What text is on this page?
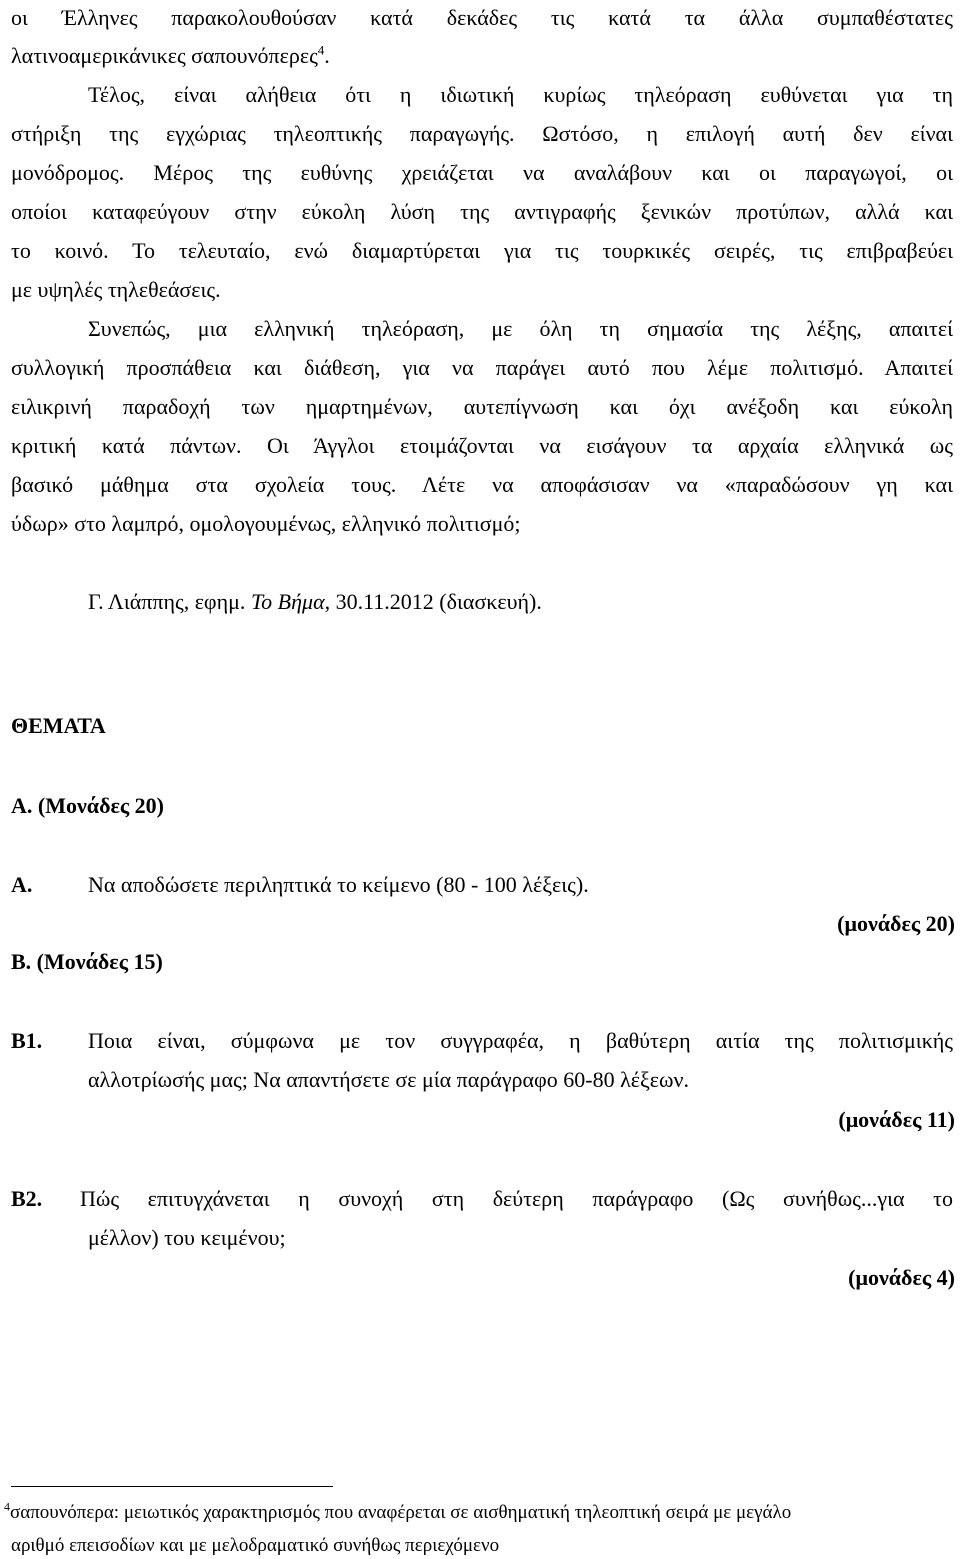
οι Έλληνες παρακολουθούσαν κατά δεκάδες τις κατά τα άλλα συμπαθέστατες
λατινοαμερικάνικες σαπουνόπερες$^4$.
Τέλος, είναι αλήθεια ότι η ιδιωτική κυρίως τηλεόραση ευθύνεται για τη
στήριξη της εγχώριας τηλεοπτικής παραγωγής. Ωστόσο, η επιλογή αυτή δεν είναι
μονόδρομος. Μέρος της ευθύνης χρειάζεται να αναλάβουν και οι παραγωγοί, οι
οποίοι καταφεύγουν στην εύκολη λύση της αντιγραφής ξενικών προτύπων, αλλά και
το κοινό. Το τελευταίο, ενώ διαμαρτύρεται για τις τουρκικές σειρές, τις επιβραβεύει
με υψηλές τηλεθεάσεις.
Συνεπώς, μια ελληνική τηλεόραση, με όλη τη σημασία της λέξης, απαιτεί
συλλογική προσπάθεια και διάθεση, για να παράγει αυτό που λέμε πολιτισμό. Απαιτεί
ειλικρινή παραδοχή των ημαρτημένων, αυτεπίγνωση και όχι ανέξοδη και εύκολη
κριτική κατά πάντων. Οι Άγγλοι ετοιμάζονται να εισάγουν τα αρχαία ελληνικά ως
βασικό μάθημα στα σχολεία τους. Λέτε να αποφάσισαν να «παραδώσουν γη και
ύδωρ» στο λαμπρό, ομολογουμένως, ελληνικό πολιτισμό;
Γ. Λιάππης, εφημ. Το Βήμα, 30.11.2012 (διασκευή).
ΘΕΜΑΤΑ
Α. (Μονάδες 20)
Α.	Να αποδώσετε περιληπτικά το κείμενο (80 - 100 λέξεις).
(μονάδες 20)
Β. (Μονάδες 15)
Β1. Ποια είναι, σύμφωνα με τον συγγραφέα, η βαθύτερη αιτία της πολιτισμικής
αλλοτρίωσής μας; Να απαντήσετε σε μία παράγραφο 60-80 λέξεων.
(μονάδες 11)
Β2. Πώς επιτυγχάνεται η συνοχή στη δεύτερη παράγραφο (Ως συνήθως...για το
μέλλον) του κειμένου;
(μονάδες 4)
$^4$σαπουνόπερα: μειωτικός χαρακτηρισμός που αναφέρεται σε αισθηματική τηλεοπτική σειρά με μεγάλο
αριθμό επεισοδίων και με μελοδραματικό συνήθως περιεχόμενο
